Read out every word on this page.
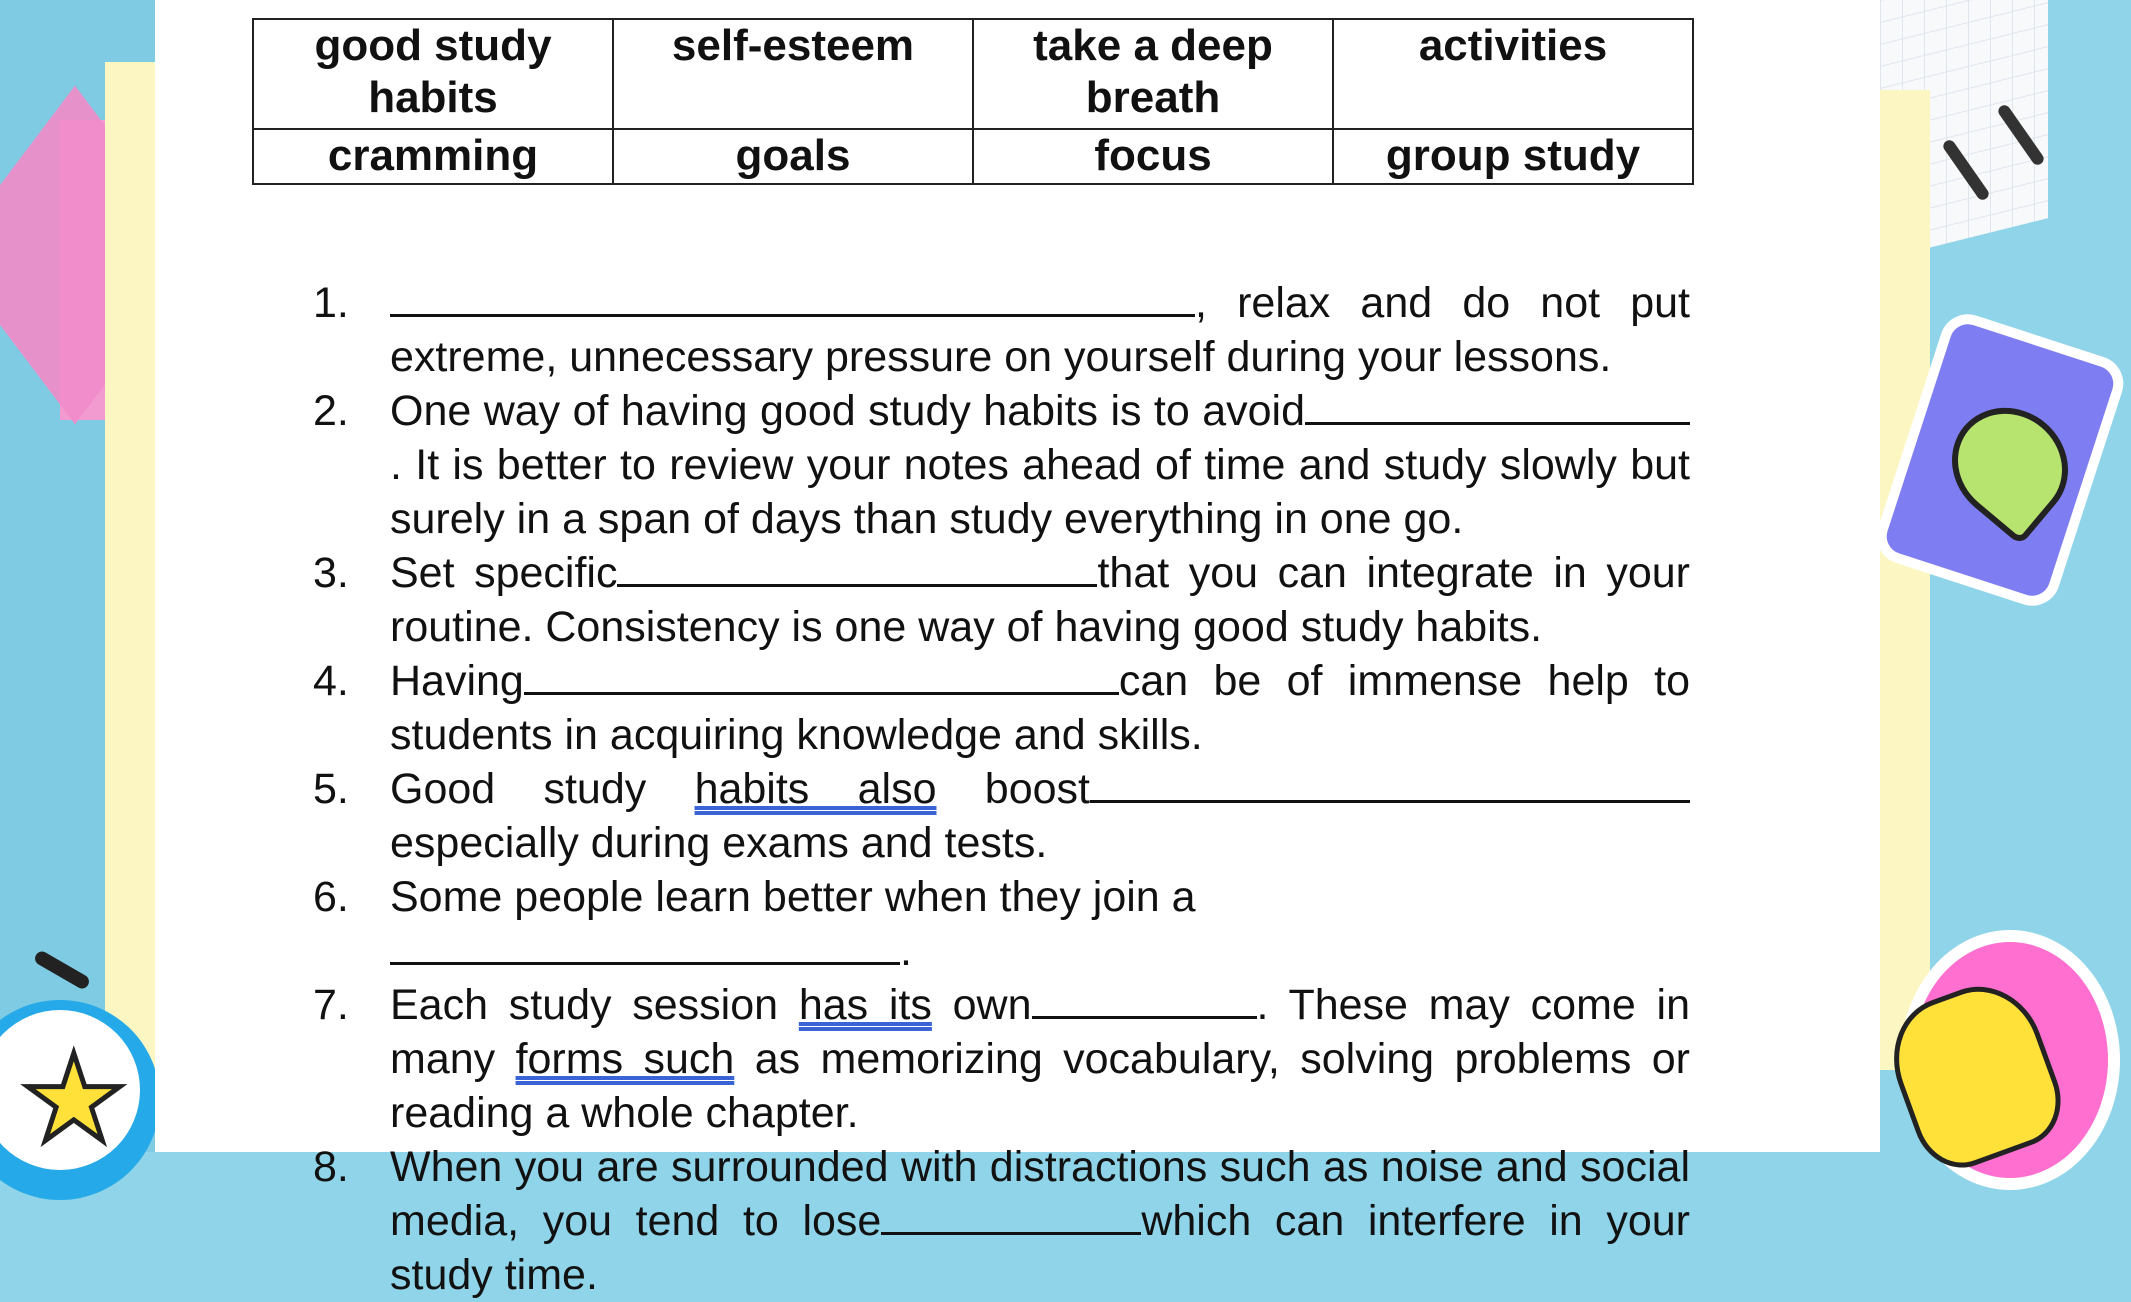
★
good study habits	self-esteem	take a deep breath	activities
cramming	goals	focus	group study
1.	, relax and do not put extreme, unnecessary pressure on yourself during your lessons.
2. One way of having good study habits is to avoid. It is better to review your notes ahead of time and study slowly but surely in a span of days than study everything in one go.
3. Set specific	that you can integrate in your routine. Consistency is one way of having good study habits.
4. Having	can be of immense help to students in acquiring knowledge and skills.
5. Good study habits also boostespecially during exams and tests.
6. Some people learn better when they join a.
7. Each study session has its own	. These may come in many forms such as memorizing vocabulary, solving problems or reading a whole chapter.
8. When you are surrounded with distractions such as noise and social media, you tend to lose	which can interfere in your study time.
